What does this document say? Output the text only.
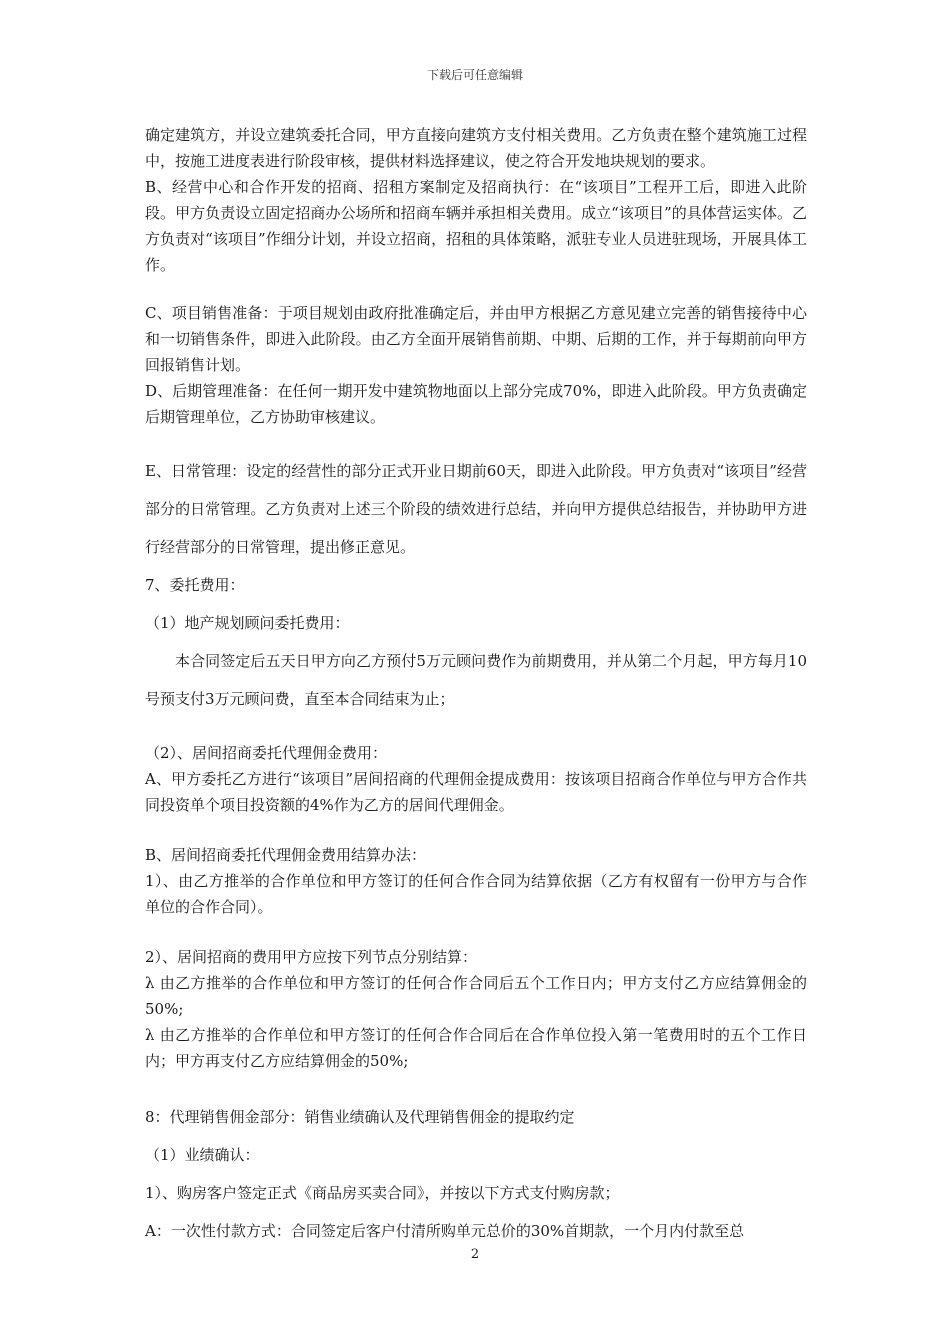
下载后可任意编辑

确定建筑方，并设立建筑委托合同，甲方直接向建筑方支付相关费用。乙方负责在整个建筑施工过程中，按施工进度表进行阶段审核，提供材料选择建议，使之符合开发地块规划的要求。

B、经营中心和合作开发的招商、招租方案制定及招商执行：在“该项目”工程开工后，即进入此阶段。甲方负责设立固定招商办公场所和招商车辆并承担相关费用。成立“该项目”的具体营运实体。乙方负责对“该项目”作细分计划，并设立招商，招租的具体策略，派驻专业人员进驻现场，开展具体工作。

C、项目销售准备：于项目规划由政府批准确定后，并由甲方根据乙方意见建立完善的销售接待中心和一切销售条件，即进入此阶段。由乙方全面开展销售前期、中期、后期的工作，并于每期前向甲方回报销售计划。

D、后期管理准备：在任何一期开发中建筑物地面以上部分完成70%，即进入此阶段。甲方负责确定后期管理单位，乙方协助审核建议。

E、日常管理：设定的经营性的部分正式开业日期前60天，即进入此阶段。甲方负责对“该项目”经营部分的日常管理。乙方负责对上述三个阶段的绩效进行总结，并向甲方提供总结报告，并协助甲方进行经营部分的日常管理，提出修正意见。

7、委托费用：

（1）地产规划顾问委托费用：

本合同签定后五天日甲方向乙方预付5万元顾问费作为前期费用，并从第二个月起，甲方每月10号预支付3万元顾问费，直至本合同结束为止；

（2）、居间招商委托代理佣金费用：

A、甲方委托乙方进行“该项目”居间招商的代理佣金提成费用：按该项目招商合作单位与甲方合作共同投资单个项目投资额的4%作为乙方的居间代理佣金。

B、居间招商委托代理佣金费用结算办法：

1）、由乙方推举的合作单位和甲方签订的任何合作合同为结算依据（乙方有权留有一份甲方与合作单位的合作合同）。

2）、居间招商的费用甲方应按下列节点分别结算：

λ 由乙方推举的合作单位和甲方签订的任何合作合同后五个工作日内；甲方支付乙方应结算佣金的50%;

λ 由乙方推举的合作单位和甲方签订的任何合作合同后在合作单位投入第一笔费用时的五个工作日内；甲方再支付乙方应结算佣金的50%;

8：代理销售佣金部分：销售业绩确认及代理销售佣金的提取约定

（1）业绩确认：

1）、购房客户签定正式《商品房买卖合同》，并按以下方式支付购房款；

A：一次性付款方式：合同签定后客户付清所购单元总价的30%首期款，一个月内付款至总

2
